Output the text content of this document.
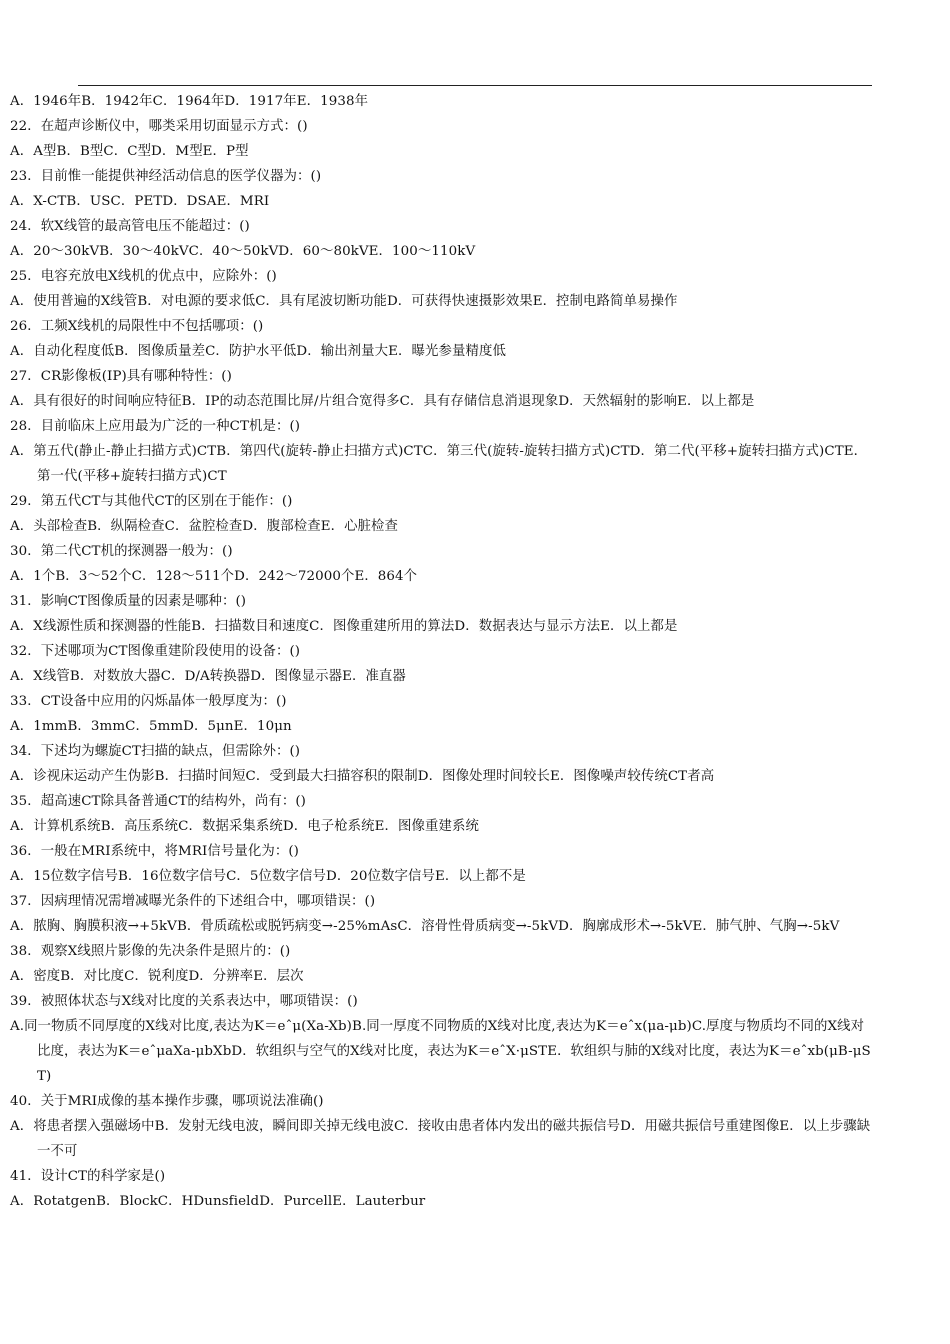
A．1946年B．1942年C．1964年D．1917年E．1938年
22．在超声诊断仪中，哪类采用切面显示方式：()
A．A型B．B型C．C型D．M型E．P型
23．目前惟一能提供神经活动信息的医学仪器为：()
A．X-CTB．USC．PETD．DSAE．MRI
24．软X线管的最高管电压不能超过：()
A．20～30kVB．30～40kVC．40～50kVD．60～80kVE．100～110kV
25．电容充放电X线机的优点中，应除外：()
A．使用普遍的X线管B．对电源的要求低C．具有尾波切断功能D．可获得快速摄影效果E．控制电路简单易操作
26．工频X线机的局限性中不包括哪项：()
A．自动化程度低B．图像质量差C．防护水平低D．输出剂量大E．曝光参量精度低
27．CR影像板(IP)具有哪种特性：()
A．具有很好的时间响应特征B．IP的动态范围比屏/片组合宽得多C．具有存储信息消退现象D．天然辐射的影响E．以上都是
28．目前临床上应用最为广泛的一种CT机是：()
A．第五代(静止-静止扫描方式)CTB．第四代(旋转-静止扫描方式)CTC．第三代(旋转-旋转扫描方式)CTD．第二代(平移+旋转扫描方式)CTE．第一代(平移+旋转扫描方式)CT
29．第五代CT与其他代CT的区别在于能作：()
A．头部检查B．纵隔检查C．盆腔检查D．腹部检查E．心脏检查
30．第二代CT机的探测器一般为：()
A．1个B．3～52个C．128～511个D．242～72000个E．864个
31．影响CT图像质量的因素是哪种：()
A．X线源性质和探测器的性能B．扫描数目和速度C．图像重建所用的算法D．数据表达与显示方法E．以上都是
32．下述哪项为CT图像重建阶段使用的设备：()
A．X线管B．对数放大器C．D/A转换器D．图像显示器E．准直器
33．CT设备中应用的闪烁晶体一般厚度为：()
A．1mmB．3mmC．5mmD．5μnE．10μn
34．下述均为螺旋CT扫描的缺点，但需除外：()
A．诊视床运动产生伪影B．扫描时间短C．受到最大扫描容积的限制D．图像处理时间较长E．图像噪声较传统CT者高
35．超高速CT除具备普通CT的结构外，尚有：()
A．计算机系统B．高压系统C．数据采集系统D．电子枪系统E．图像重建系统
36．一般在MRI系统中，将MRI信号量化为：()
A．15位数字信号B．16位数字信号C．5位数字信号D．20位数字信号E．以上都不是
37．因病理情况需增减曝光条件的下述组合中，哪项错误：()
A．脓胸、胸膜积液→+5kVB．骨质疏松或脱钙病变→-25%mAsC．溶骨性骨质病变→-5kVD．胸廓成形术→-5kVE．肺气肿、气胸→-5kV
38．观察X线照片影像的先决条件是照片的：()
A．密度B．对比度C．锐利度D．分辨率E．层次
39．被照体状态与X线对比度的关系表达中，哪项错误：()
A.同一物质不同厚度的X线对比度,表达为K＝eˆμ(Xa-Xb)B.同一厚度不同物质的X线对比度,表达为K＝eˆx(μa-μb)C.厚度与物质均不同的X线对比度，表达为K＝eˆμaXa-μbXbD．软组织与空气的X线对比度，表达为K＝eˆX·μSTE．软组织与肺的X线对比度，表达为K＝eˆxb(μB-μST)
40．关于MRI成像的基本操作步骤，哪项说法准确()
A．将患者摆入强磁场中B．发射无线电波，瞬间即关掉无线电波C．接收由患者体内发出的磁共振信号D．用磁共振信号重建图像E．以上步骤缺一不可
41．设计CT的科学家是()
A．RotatgenB．BlockC．HDunsfieldD．PurcellE．Lauterbur
